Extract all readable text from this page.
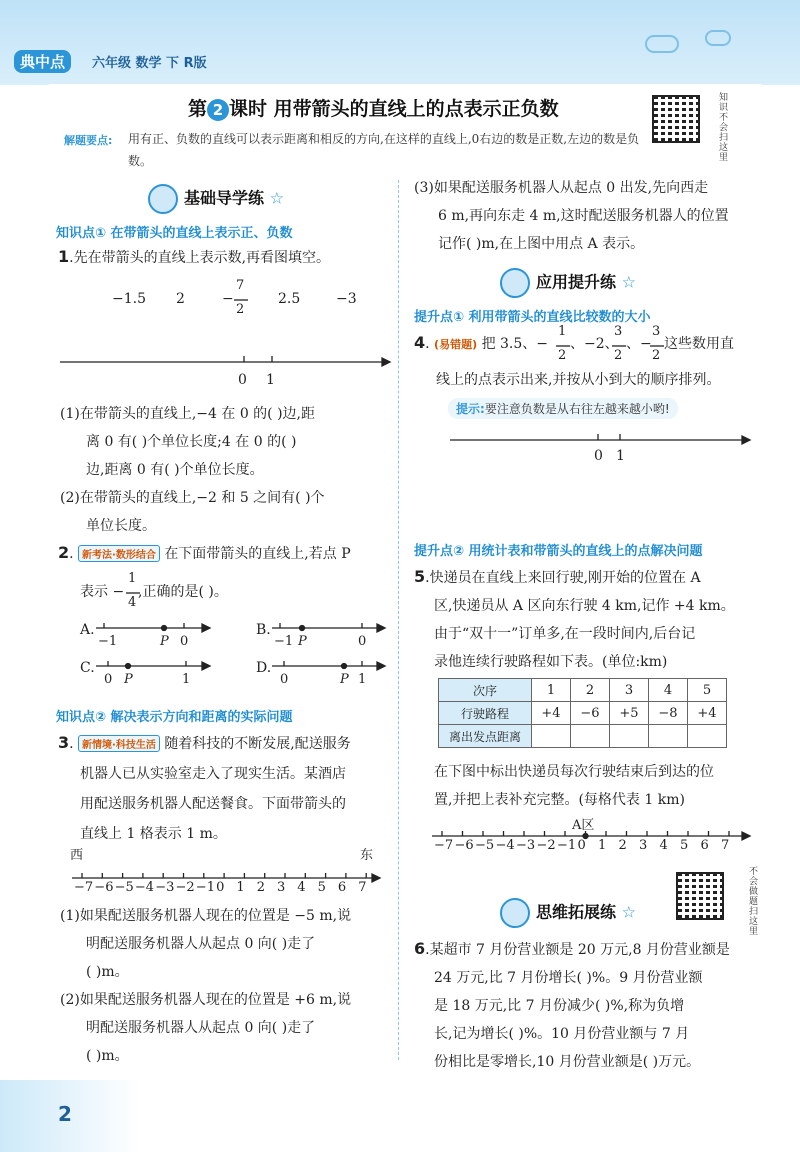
典中点	六年级 数学 下 R版
第 2 课时 用带箭头的直线上的点表示正负数	知识不会扫这里
解题要点: 用有正、负数的直线可以表示距离和相反的方向,在这样的直线上,0右边的数是正数,左边的数是负数。
基础导学练 ☆
知识点① 在带箭头的直线上表示正、负数
1.先在带箭头的直线上表示数,再看图填空。
−1.5 2	−
7
2
2.5	−3
0 1
(1)在带箭头的直线上,−4 在 0 的( )边,距
离 0 有( )个单位长度;4 在 0 的( )
边,距离 0 有( )个单位长度。
(2)在带箭头的直线上,−2 和 5 之间有( )个
单位长度。
2. 新考法·数形结合 在下面带箭头的直线上,若点 P
表示 −
1
4
,正确的是( )。
A.
−1	P 0
B.
−1 P	0
C.
0 P	1
D.
0	P 1
知识点② 解决表示方向和距离的实际问题
3. 新情境·科技生活 随着科技的不断发展,配送服务
机器人已从实验室走入了现实生活。某酒店
用配送服务机器人配送餐食。下面带箭头的
直线上 1 格表示 1 m。
西	东
−7 −6 −5 −4 −3 −2 −1 0 1 2 3 4 5 6 7
(1)如果配送服务机器人现在的位置是 −5 m,说
明配送服务机器人从起点 0 向( )走了
( )m。
(2)如果配送服务机器人现在的位置是 +6 m,说
明配送服务机器人从起点 0 向( )走了
( )m。
(3)如果配送服务机器人从起点 0 出发,先向西走
6 m,再向东走 4 m,这时配送服务机器人的位置
记作( )m,在上图中用点 A 表示。
应用提升练 ☆
提升点① 利用带箭头的直线比较数的大小
4. (易错题) 把 3.5、−
1
2
、−2、
3
2
、−
3
2
这些数用直
线上的点表示出来,并按从小到大的顺序排列。
提示:要注意负数是从右往左越来越小哟!
0 1
提升点② 用统计表和带箭头的直线上的点解决问题
5.快递员在直线上来回行驶,刚开始的位置在 A
区,快递员从 A 区向东行驶 4 km,记作 +4 km。
由于“双十一”订单多,在一段时间内,后台记
录他连续行驶路程如下表。(单位:km)
次序	1	2	3	4	5
行驶路程	+4	−6	+5	−8	+4
离出发点距离					
在下图中标出快递员每次行驶结束后到达的位
置,并把上表补充完整。(每格代表 1 km)
A区
−7 −6 −5 −4 −3 −2 −1 0 1 2 3 4 5 6 7
不会做题扫这里
思维拓展练 ☆
6.某超市 7 月份营业额是 20 万元,8 月份营业额是
24 万元,比 7 月份增长( )%。9 月份营业额
是 18 万元,比 7 月份减少( )%,称为负增
长,记为增长( )%。10 月份营业额与 7 月
份相比是零增长,10 月份营业额是( )万元。
2
